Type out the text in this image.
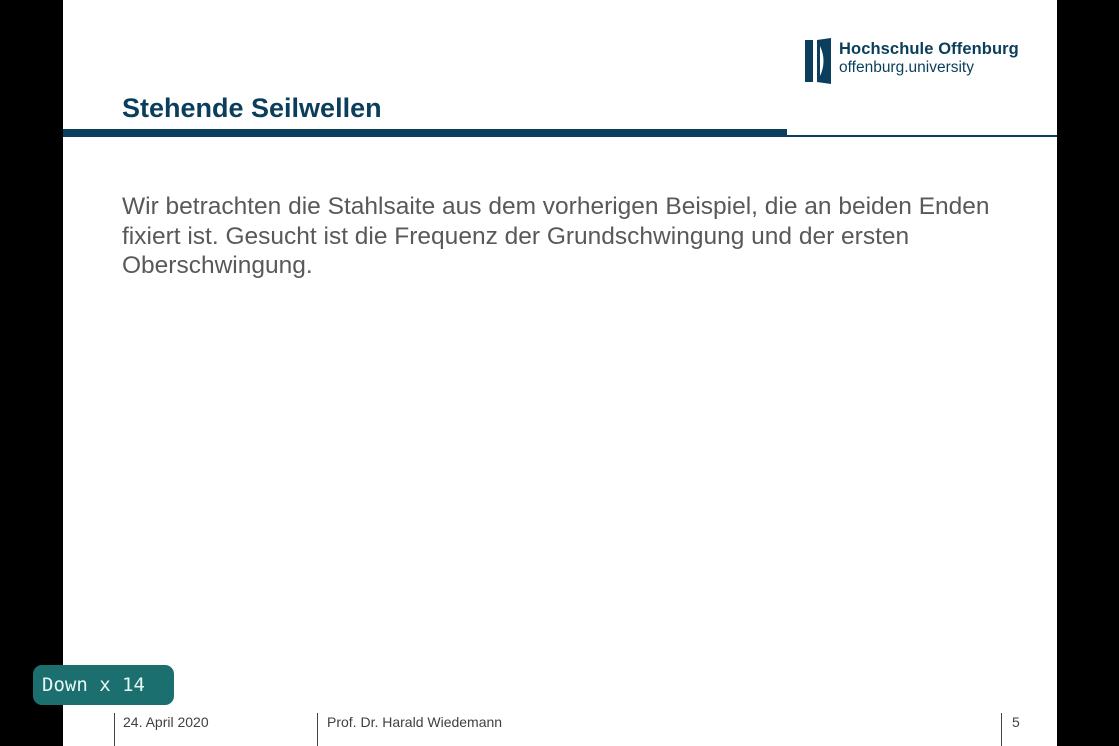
Hochschule Offenburg
offenburg.university
Stehende Seilwellen
Wir betrachten die Stahlsaite aus dem vorherigen Beispiel, die an beiden Enden fixiert ist. Gesucht ist die Frequenz der Grundschwingung und der ersten Oberschwingung.
24. April 2020	Prof. Dr. Harald Wiedemann	5
Down x 14
